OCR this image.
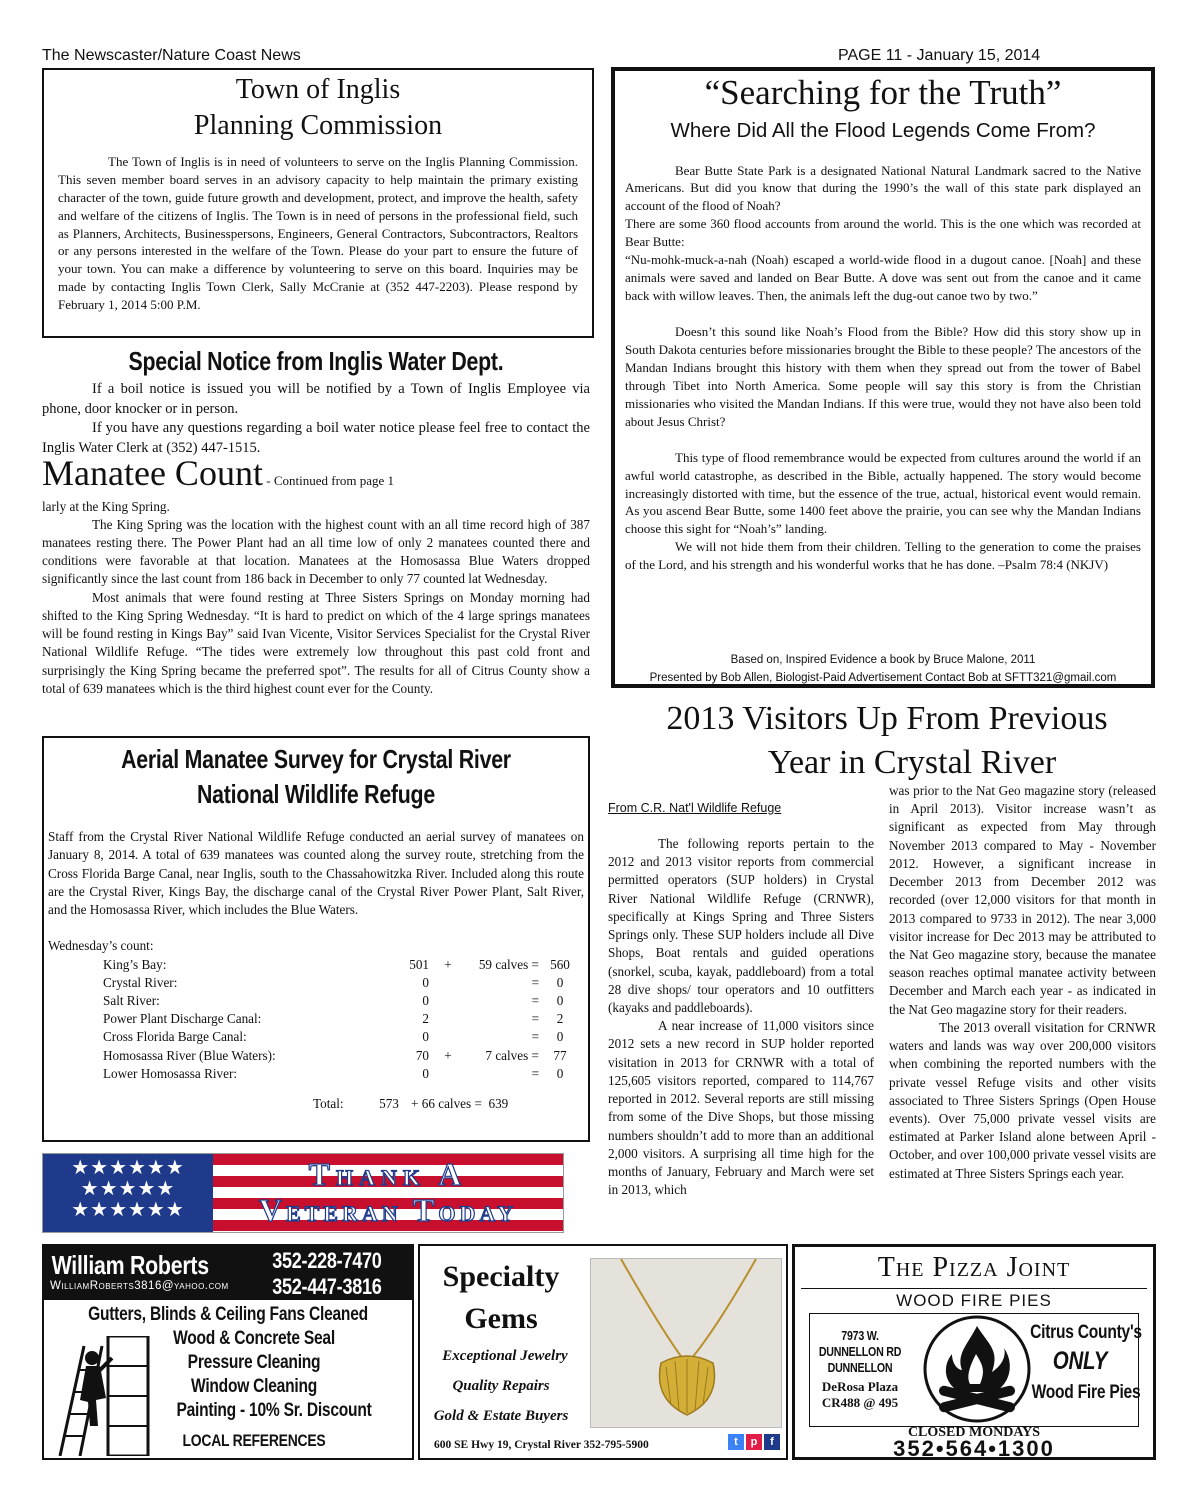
The Newscaster/Nature Coast News	PAGE 11 - January 15, 2014
Town of Inglis
Planning Commission

The Town of Inglis is in need of volunteers to serve on the Inglis Planning Commission. This seven member board serves in an advisory capacity to help maintain the primary existing character of the town, guide future growth and development, protect, and improve the health, safety and welfare of the citizens of Inglis. The Town is in need of persons in the professional field, such as Planners, Architects, Businesspersons, Engineers, General Contractors, Subcontractors, Realtors or any persons interested in the welfare of the Town. Please do your part to ensure the future of your town. You can make a difference by volunteering to serve on this board. Inquiries may be made by contacting Inglis Town Clerk, Sally McCranie at (352 447-2203). Please respond by February 1, 2014 5:00 P.M.

Special Notice from Inglis Water Dept.

If a boil notice is issued you will be notified by a Town of Inglis Employee via phone, door knocker or in person.

If you have any questions regarding a boil water notice please feel free to contact the Inglis Water Clerk at (352) 447-1515.

Manatee Count - Continued from page 1

larly at the King Spring.

The King Spring was the location with the highest count with an all time record high of 387 manatees resting there. The Power Plant had an all time low of only 2 manatees counted there and conditions were favorable at that location. Manatees at the Homosassa Blue Waters dropped significantly since the last count from 186 back in December to only 77 counted lat Wednesday.

Most animals that were found resting at Three Sisters Springs on Monday morning had shifted to the King Spring Wednesday. “It is hard to predict on which of the 4 large springs manatees will be found resting in Kings Bay” said Ivan Vicente, Visitor Services Specialist for the Crystal River National Wildlife Refuge. “The tides were extremely low throughout this past cold front and surprisingly the King Spring became the preferred spot”. The results for all of Citrus County show a total of 639 manatees which is the third highest count ever for the County.

Aerial Manatee Survey for Crystal River National Wildlife Refuge

Staff from the Crystal River National Wildlife Refuge conducted an aerial survey of manatees on January 8, 2014. A total of 639 manatees was counted along the survey route, stretching from the Cross Florida Barge Canal, near Inglis, south to the Chassahowitzka River. Included along this route are the Crystal River, Kings Bay, the discharge canal of the Crystal River Power Plant, Salt River, and the Homosassa River, which includes the Blue Waters.

Wednesday’s count:

King’s Bay:	501	+	59 calves =	560
Crystal River:	0		=	0
Salt River:	0		=	0
Power Plant Discharge Canal:	2		=	2
Cross Florida Barge Canal:	0		=	0
Homosassa River (Blue Waters):	70	+	7 calves =	77
Lower Homosassa River:	0		=	0
Total:	573	+ 66 calves =  639
★★★★★★
★★★★★
★★★★★★
Thank A
Veteran Today
“Searching for the Truth”
Where Did All the Flood Legends Come From?

Bear Butte State Park is a designated National Natural Landmark sacred to the Native Americans. But did you know that during the 1990’s the wall of this state park displayed an account of the flood of Noah?

There are some 360 flood accounts from around the world. This is the one which was recorded at Bear Butte:

“Nu-mohk-muck-a-nah (Noah) escaped a world-wide flood in a dugout canoe. [Noah] and these animals were saved and landed on Bear Butte. A dove was sent out from the canoe and it came back with willow leaves. Then, the animals left the dug-out canoe two by two.”

Doesn’t this sound like Noah’s Flood from the Bible? How did this story show up in South Dakota centuries before missionaries brought the Bible to these people? The ancestors of the Mandan Indians brought this history with them when they spread out from the tower of Babel through Tibet into North America. Some people will say this story is from the Christian missionaries who visited the Mandan Indians. If this were true, would they not have also been told about Jesus Christ?

This type of flood remembrance would be expected from cultures around the world if an awful world catastrophe, as described in the Bible, actually happened. The story would become increasingly distorted with time, but the essence of the true, actual, historical event would remain. As you ascend Bear Butte, some 1400 feet above the prairie, you can see why the Mandan Indians choose this sight for “Noah’s” landing.

We will not hide them from their children. Telling to the generation to come the praises of the Lord, and his strength and his wonderful works that he has done. –Psalm 78:4 (NKJV)

Based on, Inspired Evidence a book by Bruce Malone, 2011
Presented by Bob Allen, Biologist-Paid Advertisement Contact Bob at SFTT321@gmail.com
2013 Visitors Up From Previous
Year in Crystal River
From C.R. Nat'l Wildlife Refuge

The following reports pertain to the 2012 and 2013 visitor reports from commercial permitted operators (SUP holders) in Crystal River National Wildlife Refuge (CRNWR), specifically at Kings Spring and Three Sisters Springs only. These SUP holders include all Dive Shops, Boat rentals and guided operations (snorkel, scuba, kayak, paddleboard) from a total 28 dive shops/ tour operators and 10 outfitters (kayaks and paddleboards).

A near increase of 11,000 visitors since 2012 sets a new record in SUP holder reported visitation in 2013 for CRNWR with a total of 125,605 visitors reported, compared to 114,767 reported in 2012. Several reports are still missing from some of the Dive Shops, but those missing numbers shouldn’t add to more than an additional 2,000 visitors. A surprising all time high for the months of January, February and March were set in 2013, which

was prior to the Nat Geo magazine story (released in April 2013). Visitor increase wasn’t as significant as expected from May through November 2013 compared to May - November 2012. However, a significant increase in December 2013 from December 2012 was recorded (over 12,000 visitors for that month in 2013 compared to 9733 in 2012). The near 3,000 visitor increase for Dec 2013 may be attributed to the Nat Geo magazine story, because the manatee season reaches optimal manatee activity between December and March each year - as indicated in the Nat Geo magazine story for their readers.

The 2013 overall visitation for CRNWR waters and lands was way over 200,000 visitors when combining the reported numbers with the private vessel Refuge visits and other visits associated to Three Sisters Springs (Open House events). Over 75,000 private vessel visits are estimated at Parker Island alone between April - October, and over 100,000 private vessel visits are estimated at Three Sisters Springs each year.

William Roberts
WilliamRoberts3816@yahoo.com
352-228-7470
352-447-3816
Gutters, Blinds & Ceiling Fans Cleaned
Wood & Concrete Seal
Pressure Cleaning
Window Cleaning
Painting - 10% Sr. Discount
LOCAL REFERENCES
Specialty
Gems
Exceptional Jewelry
Quality Repairs
Gold & Estate Buyers
600 SE Hwy 19, Crystal River 352-795-5900	t	p	f
The Pizza Joint
WOOD FIRE PIES
7973 W.
DUNNELLON RD
DUNNELLON
DeRosa Plaza
CR488 @ 495
Citrus County's
ONLY
Wood Fire Pies
CLOSED MONDAYS
352•564•1300
